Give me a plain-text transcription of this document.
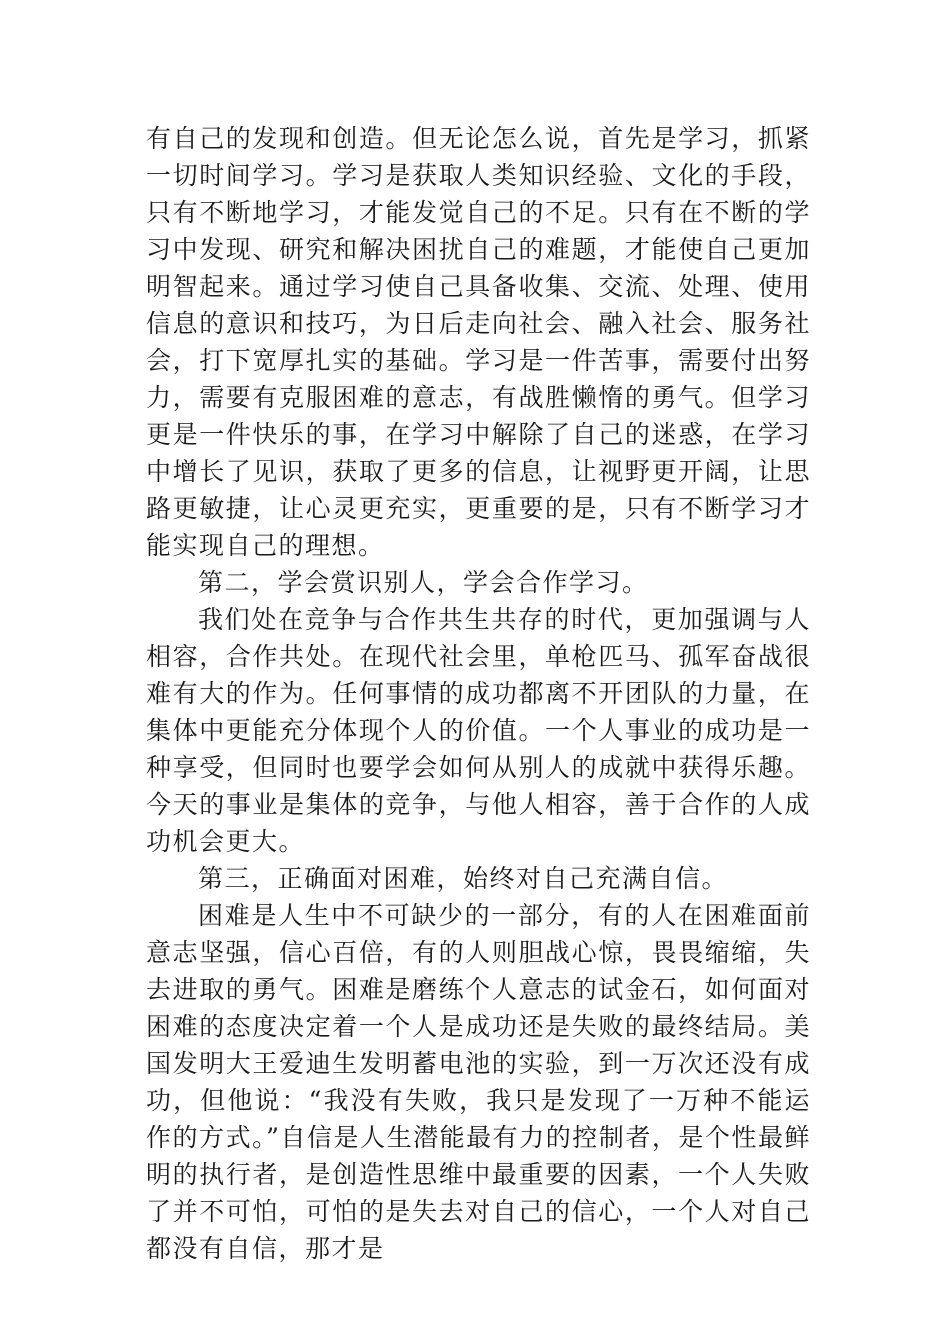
有自己的发现和创造。但无论怎么说，首先是学习，抓紧一切时间学习。学习是获取人类知识经验、文化的手段，只有不断地学习，才能发觉自己的不足。只有在不断的学习中发现、研究和解决困扰自己的难题，才能使自己更加明智起来。通过学习使自己具备收集、交流、处理、使用信息的意识和技巧，为日后走向社会、融入社会、服务社会，打下宽厚扎实的基础。学习是一件苦事，需要付出努力，需要有克服困难的意志，有战胜懒惰的勇气。但学习更是一件快乐的事，在学习中解除了自己的迷惑，在学习中增长了见识，获取了更多的信息，让视野更开阔，让思路更敏捷，让心灵更充实，更重要的是，只有不断学习才能实现自己的理想。

第二，学会赏识别人，学会合作学习。

我们处在竞争与合作共生共存的时代，更加强调与人相容，合作共处。在现代社会里，单枪匹马、孤军奋战很难有大的作为。任何事情的成功都离不开团队的力量，在集体中更能充分体现个人的价值。一个人事业的成功是一种享受，但同时也要学会如何从别人的成就中获得乐趣。今天的事业是集体的竞争，与他人相容，善于合作的人成功机会更大。

第三，正确面对困难，始终对自己充满自信。

困难是人生中不可缺少的一部分，有的人在困难面前意志坚强，信心百倍，有的人则胆战心惊，畏畏缩缩，失去进取的勇气。困难是磨练个人意志的试金石，如何面对困难的态度决定着一个人是成功还是失败的最终结局。美国发明大王爱迪生发明蓄电池的实验，到一万次还没有成功，但他说：“我没有失败，我只是发现了一万种不能运作的方式。”自信是人生潜能最有力的控制者，是个性最鲜明的执行者，是创造性思维中最重要的因素，一个人失败了并不可怕，可怕的是失去对自己的信心，一个人对自己都没有自信，那才是
